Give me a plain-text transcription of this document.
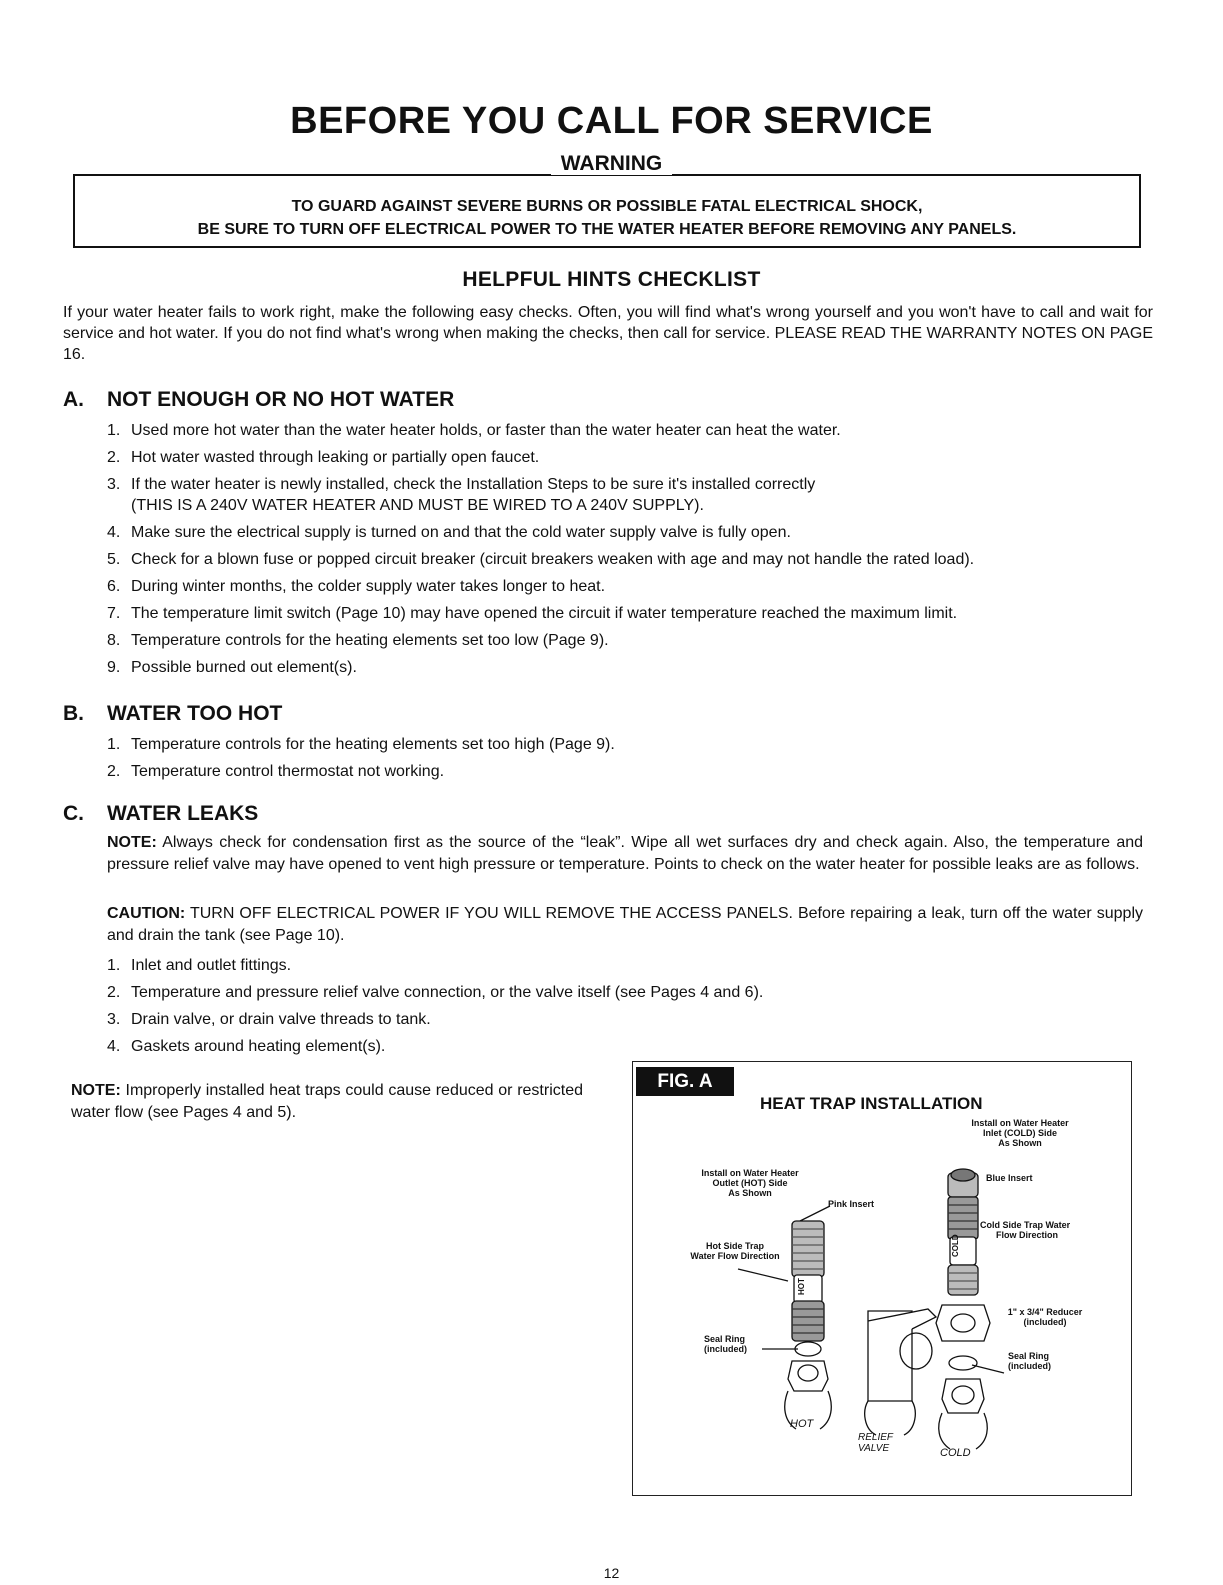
BEFORE YOU CALL FOR SERVICE
WARNING
TO GUARD AGAINST SEVERE BURNS OR POSSIBLE FATAL ELECTRICAL SHOCK,
BE SURE TO TURN OFF ELECTRICAL POWER TO THE WATER HEATER BEFORE REMOVING ANY PANELS.
HELPFUL HINTS CHECKLIST
If your water heater fails to work right, make the following easy checks. Often, you will find what's wrong yourself and you won't have to call and wait for service and hot water. If you do not find what's wrong when making the checks, then call for service. PLEASE READ THE WARRANTY NOTES ON PAGE 16.
A. NOT ENOUGH OR NO HOT WATER
1. Used more hot water than the water heater holds, or faster than the water heater can heat the water.
2. Hot water wasted through leaking or partially open faucet.
3. If the water heater is newly installed, check the Installation Steps to be sure it's installed correctly
(THIS IS A 240V WATER HEATER AND MUST BE WIRED TO A 240V SUPPLY).
4. Make sure the electrical supply is turned on and that the cold water supply valve is fully open.
5. Check for a blown fuse or popped circuit breaker (circuit breakers weaken with age and may not handle the rated load).
6. During winter months, the colder supply water takes longer to heat.
7. The temperature limit switch (Page 10) may have opened the circuit if water temperature reached the maximum limit.
8. Temperature controls for the heating elements set too low (Page 9).
9. Possible burned out element(s).
B. WATER TOO HOT
1. Temperature controls for the heating elements set too high (Page 9).
2. Temperature control thermostat not working.
C. WATER LEAKS
NOTE: Always check for condensation first as the source of the “leak”. Wipe all wet surfaces dry and check again. Also, the temperature and pressure relief valve may have opened to vent high pressure or temperature. Points to check on the water heater for possible leaks are as follows.
CAUTION: TURN OFF ELECTRICAL POWER IF YOU WILL REMOVE THE ACCESS PANELS. Before repairing a leak, turn off the water supply and drain the tank (see Page 10).
1. Inlet and outlet fittings.
2. Temperature and pressure relief valve connection, or the valve itself (see Pages 4 and 6).
3. Drain valve, or drain valve threads to tank.
4. Gaskets around heating element(s).
NOTE: Improperly installed heat traps could cause reduced or restricted water flow (see Pages 4 and 5).
FIG. A
HEAT TRAP INSTALLATION
Install on Water Heater
Inlet (COLD) Side
As Shown
Install on Water Heater
Outlet (HOT) Side
As Shown
Blue Insert
Pink Insert
Cold Side Trap Water
Flow Direction
Hot Side Trap
Water Flow Direction
1" x 3/4" Reducer
(included)
Seal Ring
(included)
Seal Ring
(included)
HOT
RELIEF
VALVE	COLD
HOT
COLD
12
